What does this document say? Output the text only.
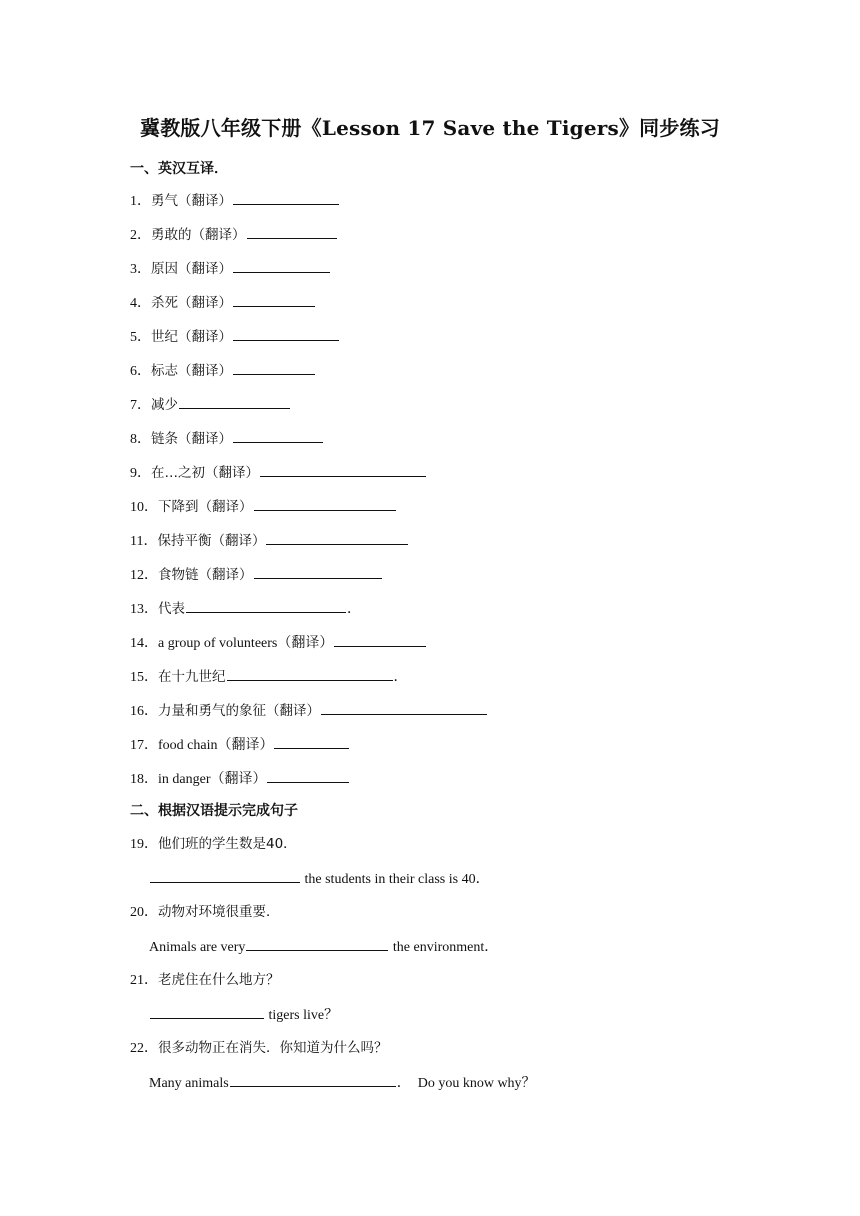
冀教版八年级下册《Lesson 17 Save the Tigers》同步练习
一、英汉互译．
1．勇气（翻译）
2．勇敢的（翻译）
3．原因（翻译）
4．杀死（翻译）
5．世纪（翻译）
6．标志（翻译）
7．减少
8．链条（翻译）
9．在…之初（翻译）
10．下降到（翻译）
11．保持平衡（翻译）
12．食物链（翻译）
13．代表	．
14．a group of volunteers（翻译）
15．在十九世纪	．
16．力量和勇气的象征（翻译）
17．food chain（翻译）
18．in danger（翻译）
二、根据汉语提示完成句子
19．他们班的学生数是40．
the students in their class is 40．
20．动物对环境很重要．
Animals are very	the environment．
21．老虎住在什么地方？
tigers live？
22．很多动物正在消失．你知道为什么吗？
Many animals	．　Do you know why？
